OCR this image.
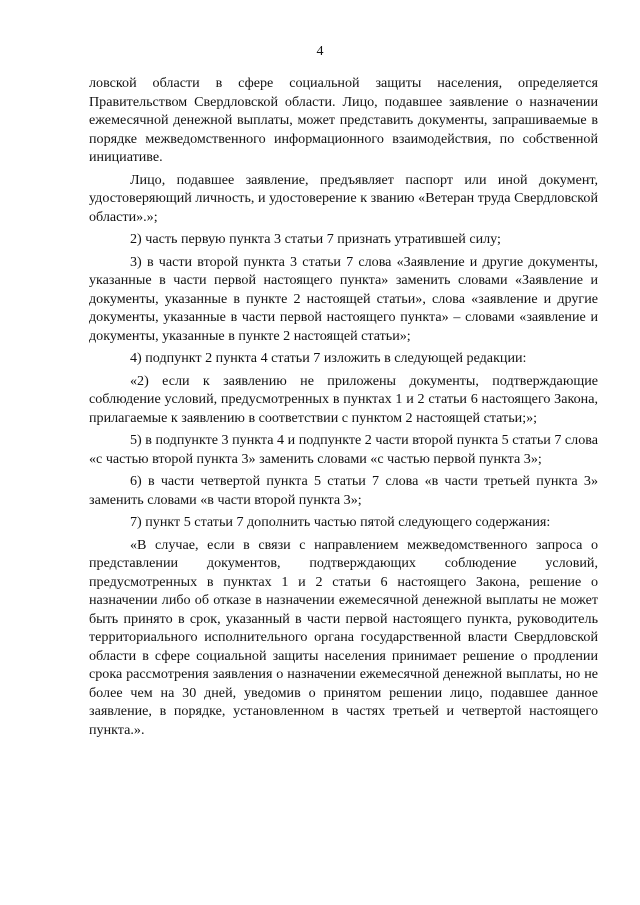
4

ловской области в сфере социальной защиты населения, определяется Правительством Свердловской области. Лицо, подавшее заявление о назначении ежемесячной денежной выплаты, может представить документы, запрашиваемые в порядке межведомственного информационного взаимодействия, по собственной инициативе.

Лицо, подавшее заявление, предъявляет паспорт или иной документ, удостоверяющий личность, и удостоверение к званию «Ветеран труда Свердловской области».»;

2) часть первую пункта 3 статьи 7 признать утратившей силу;

3) в части второй пункта 3 статьи 7 слова «Заявление и другие документы, указанные в части первой настоящего пункта» заменить словами «Заявление и документы, указанные в пункте 2 настоящей статьи», слова «заявление и другие документы, указанные в части первой настоящего пункта» – словами «заявление и документы, указанные в пункте 2 настоящей статьи»;

4) подпункт 2 пункта 4 статьи 7 изложить в следующей редакции:

«2) если к заявлению не приложены документы, подтверждающие соблюдение условий, предусмотренных в пунктах 1 и 2 статьи 6 настоящего Закона, прилагаемые к заявлению в соответствии с пунктом 2 настоящей статьи;»;

5) в подпункте 3 пункта 4 и подпункте 2 части второй пункта 5 статьи 7 слова «с частью второй пункта 3» заменить словами «с частью первой пункта 3»;

6) в части четвертой пункта 5 статьи 7 слова «в части третьей пункта 3» заменить словами «в части второй пункта 3»;

7) пункт 5 статьи 7 дополнить частью пятой следующего содержания:

«В случае, если в связи с направлением межведомственного запроса о представлении документов, подтверждающих соблюдение условий, предусмотренных в пунктах 1 и 2 статьи 6 настоящего Закона, решение о назначении либо об отказе в назначении ежемесячной денежной выплаты не может быть принято в срок, указанный в части первой настоящего пункта, руководитель территориального исполнительного органа государственной власти Свердловской области в сфере социальной защиты населения принимает решение о продлении срока рассмотрения заявления о назначении ежемесячной денежной выплаты, но не более чем на 30 дней, уведомив о принятом решении лицо, подавшее данное заявление, в порядке, установленном в частях третьей и четвертой настоящего пункта.».
